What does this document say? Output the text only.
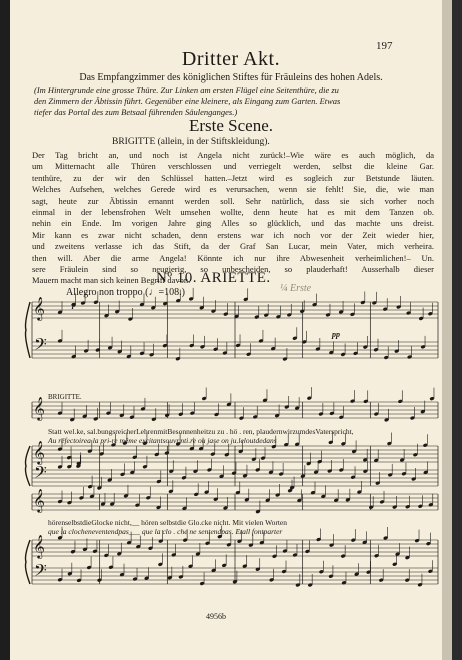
197
Dritter Akt.
Das Empfangzimmer des königlichen Stiftes für Fräuleins des hohen Adels.
(Im Hintergrunde eine grosse Thüre. Zur Linken am ersten Flügel eine Seitenthüre, die zu
den Zimmern der Äbtissin führt. Gegenüber eine kleinere, als Eingang zum Garten. Etwas
tiefer das Portal des zum Betsaal führenden Säulenganges.)
Erste Scene.
BRIGITTE (allein, in der Stiftskleidung).
Der Tag bricht an, und noch ist Angela nicht zurück!–Wie wäre es auch möglich, da
um Mitternacht alle Thüren verschlossen und verriegelt werden, selbst die kleine Gar.
tenthüre, zu der wir den Schlüssel hatten.–Jetzt wird es sogleich zur Betstunde läuten.
Welches Aufsehen, welches Gerede wird es verursachen, wenn sie fehlt! Sie, die, wie man
sagt, heute zur Äbtissin ernannt werden soll. Sehr natürlich, dass sie sich vorher noch
einmal in der lebensfrohen Welt umsehen wollte, denn heute hat es mit dem Tanzen ob.
nehin ein Ende. Im vorigen Jahre ging Alles so glücklich, und das machte uns dreist.
Mir kann es zwar nicht schaden, denn erstens war ich noch vor der Zeit wieder hier,
und zweitens verlasse ich das Stift, da der Graf San Lucar, mein Vater, mich verheira.
then will. Aber die arme Angela! Könnte ich nur ihre Abwesenheit verheimlichen!– Un.
sere Fräulein sind so neugierig, so unbescheiden, so plauderhaft! Ausserhalb dieser
Mauern macht man sich keinen Begriff davon.
Nº 10. ARIETTE.
Allegro non troppo (♩=108.)	¼ Erste
𝄞
𝄢
𝄞
𝄞
𝄢
𝄞
𝄞
𝄢
p
pp
BRIGITTE.
Statt wel.ke, sal.bungsreicherLehrenmitBesonnenheitzu zu . hö . ren, plaudernwirzumdesVaterspricht,
Au réfectoirea la pri-re même excitantsouvr.nti.re ou jase on ju.leloutdedans
hörenselbstdieGlocke nicht,__ hören selbstdie Glo.cke nicht. Mit vielen Worten
que la clocheneventendpas___ que la clo . che ne sentendpas. Etall fontparter
4956b
